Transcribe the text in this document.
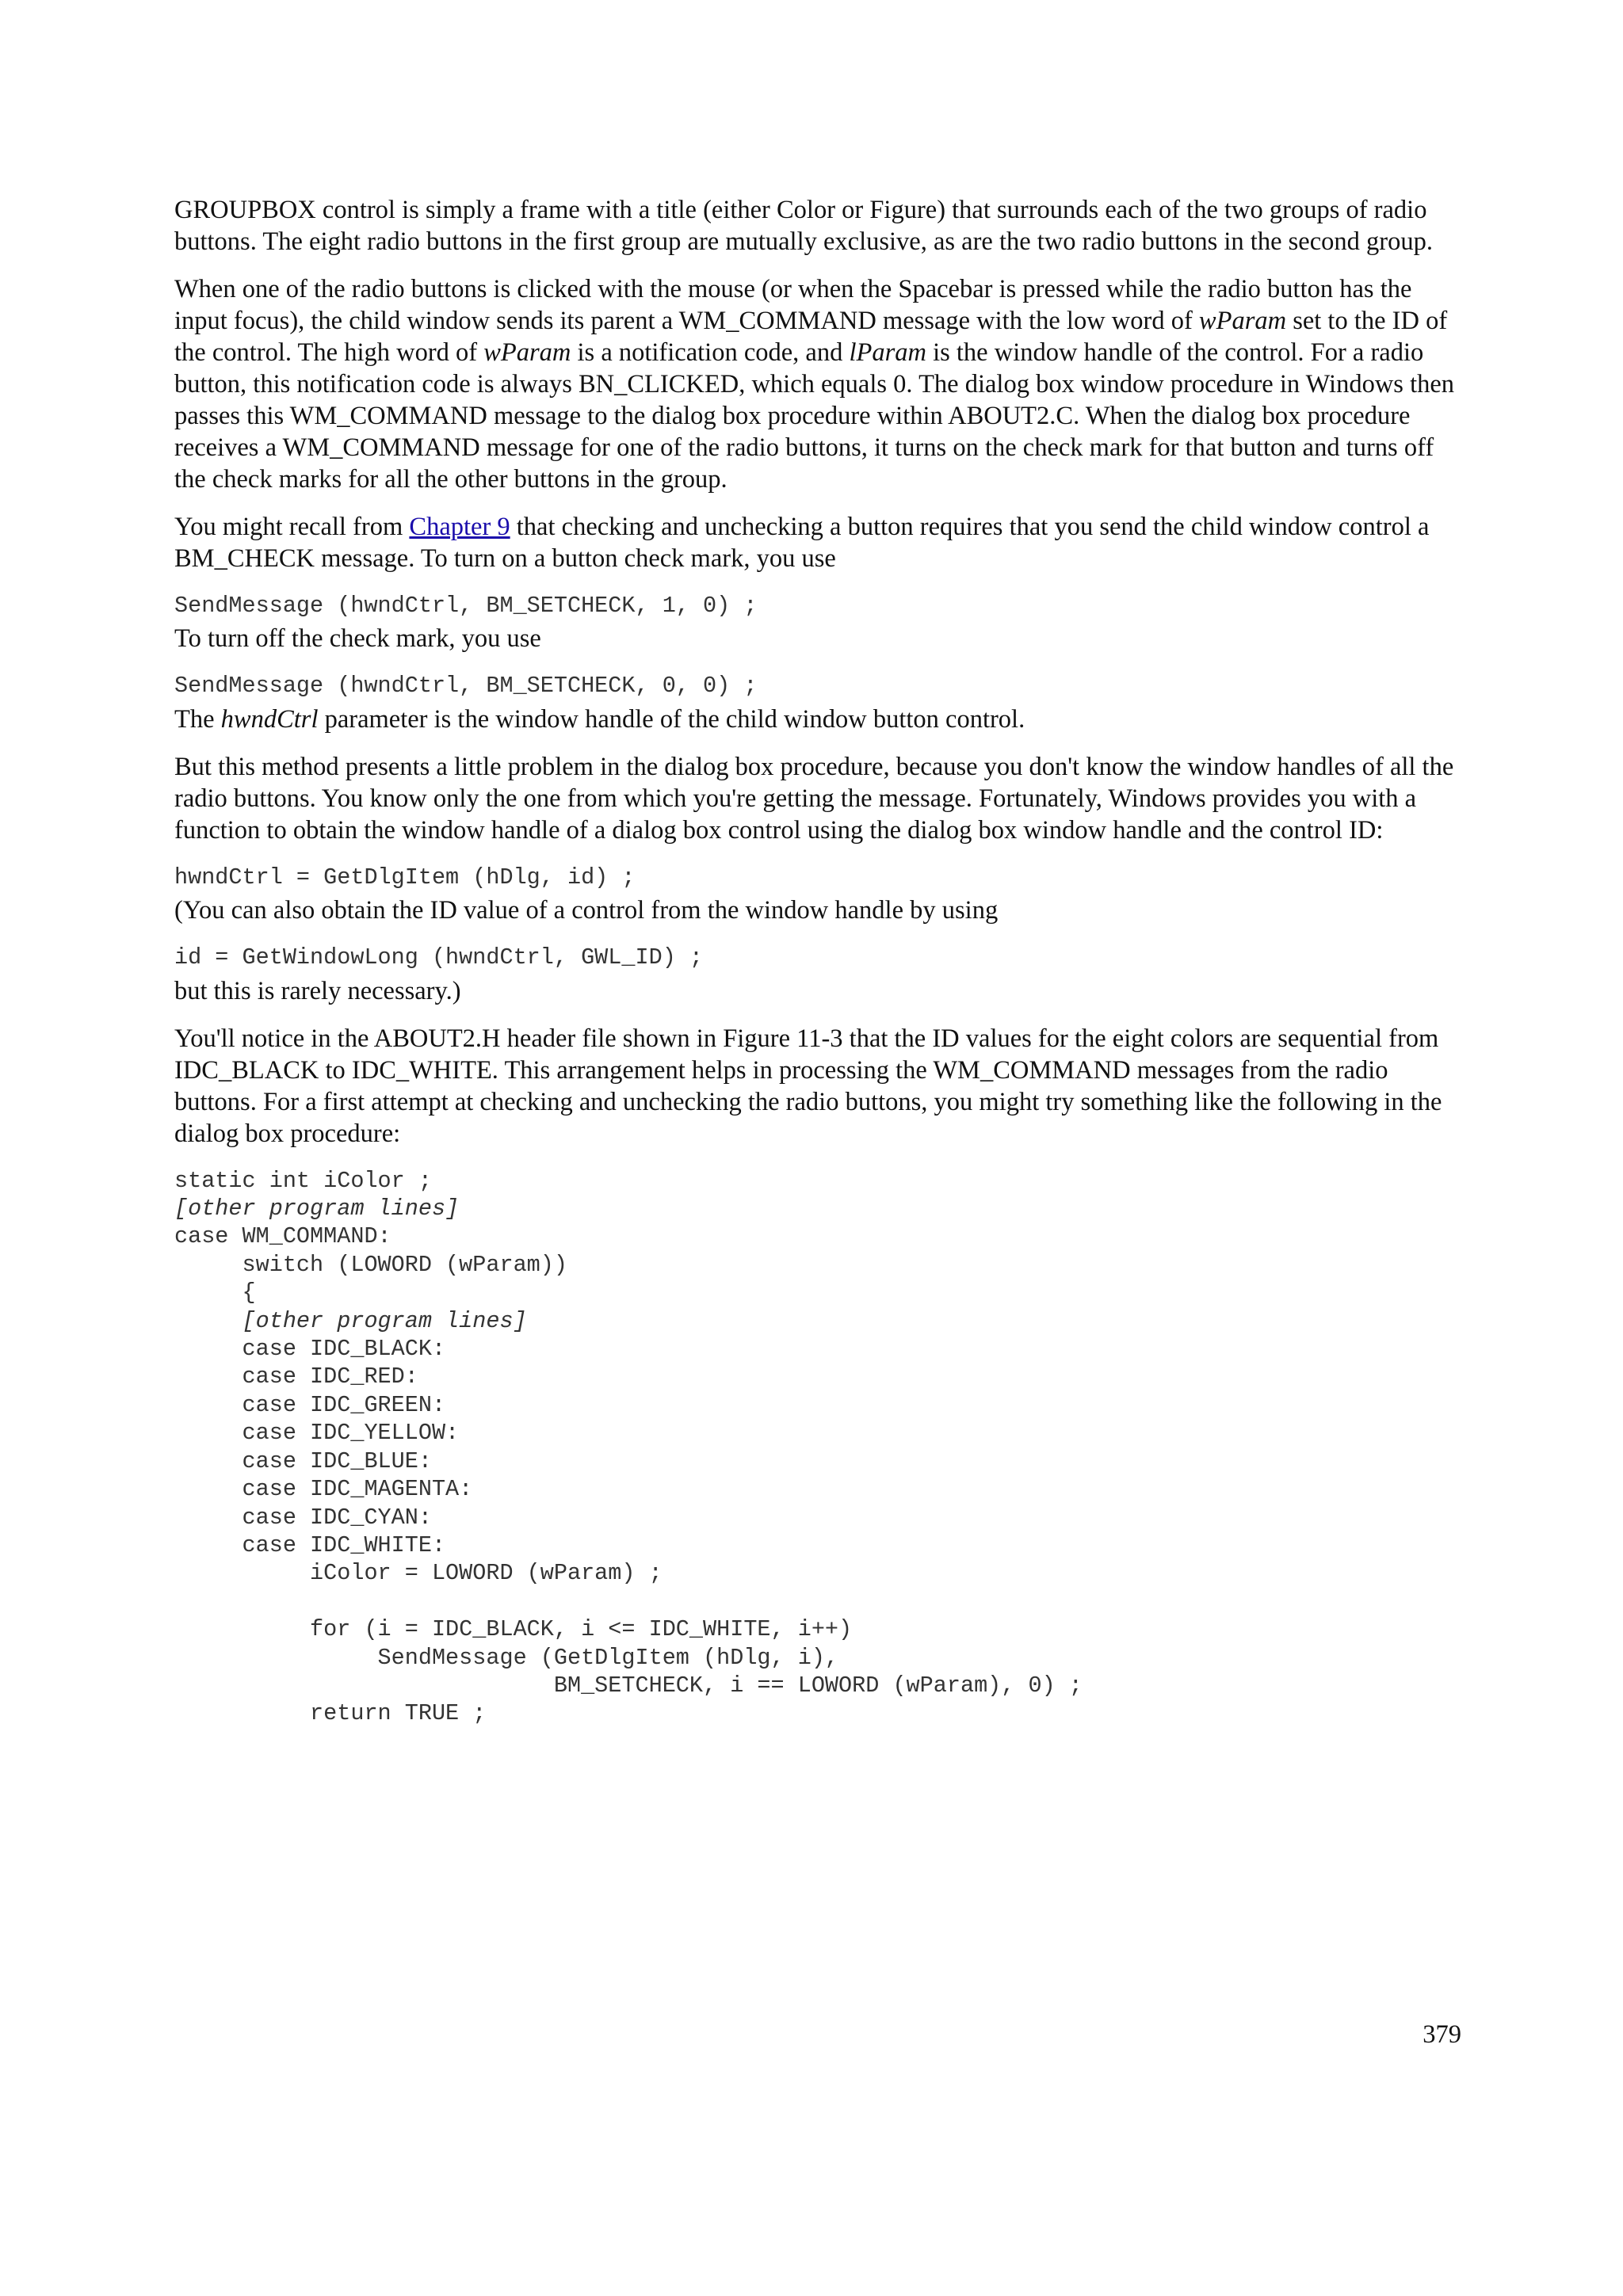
GROUPBOX control is simply a frame with a title (either Color or Figure) that surrounds each of the two groups of radio buttons. The eight radio buttons in the first group are mutually exclusive, as are the two radio buttons in the second group.

When one of the radio buttons is clicked with the mouse (or when the Spacebar is pressed while the radio button has the input focus), the child window sends its parent a WM_COMMAND message with the low word of wParam set to the ID of the control. The high word of wParam is a notification code, and lParam is the window handle of the control. For a radio button, this notification code is always BN_CLICKED, which equals 0. The dialog box window procedure in Windows then passes this WM_COMMAND message to the dialog box procedure within ABOUT2.C. When the dialog box procedure receives a WM_COMMAND message for one of the radio buttons, it turns on the check mark for that button and turns off the check marks for all the other buttons in the group.

You might recall from Chapter 9 that checking and unchecking a button requires that you send the child window control a BM_CHECK message. To turn on a button check mark, you use

SendMessage (hwndCtrl, BM_SETCHECK, 1, 0) ;

To turn off the check mark, you use

SendMessage (hwndCtrl, BM_SETCHECK, 0, 0) ;

The hwndCtrl parameter is the window handle of the child window button control.

But this method presents a little problem in the dialog box procedure, because you don't know the window handles of all the radio buttons. You know only the one from which you're getting the message. Fortunately, Windows provides you with a function to obtain the window handle of a dialog box control using the dialog box window handle and the control ID:

hwndCtrl = GetDlgItem (hDlg, id) ;

(You can also obtain the ID value of a control from the window handle by using

id = GetWindowLong (hwndCtrl, GWL_ID) ;

but this is rarely necessary.)

You'll notice in the ABOUT2.H header file shown in Figure 11-3 that the ID values for the eight colors are sequential from IDC_BLACK to IDC_WHITE. This arrangement helps in processing the WM_COMMAND messages from the radio buttons. For a first attempt at checking and unchecking the radio buttons, you might try something like the following in the dialog box procedure:

static int iColor ;
[other program lines]
case WM_COMMAND:
switch (LOWORD (wParam))
{
[other program lines]
case IDC_BLACK:
case IDC_RED:
case IDC_GREEN:
case IDC_YELLOW:
case IDC_BLUE:
case IDC_MAGENTA:
case IDC_CYAN:
case IDC_WHITE:
iColor = LOWORD (wParam) ;

for (i = IDC_BLACK, i <= IDC_WHITE, i++)
SendMessage (GetDlgItem (hDlg, i),
BM_SETCHECK, i == LOWORD (wParam), 0) ;
return TRUE ;
379
